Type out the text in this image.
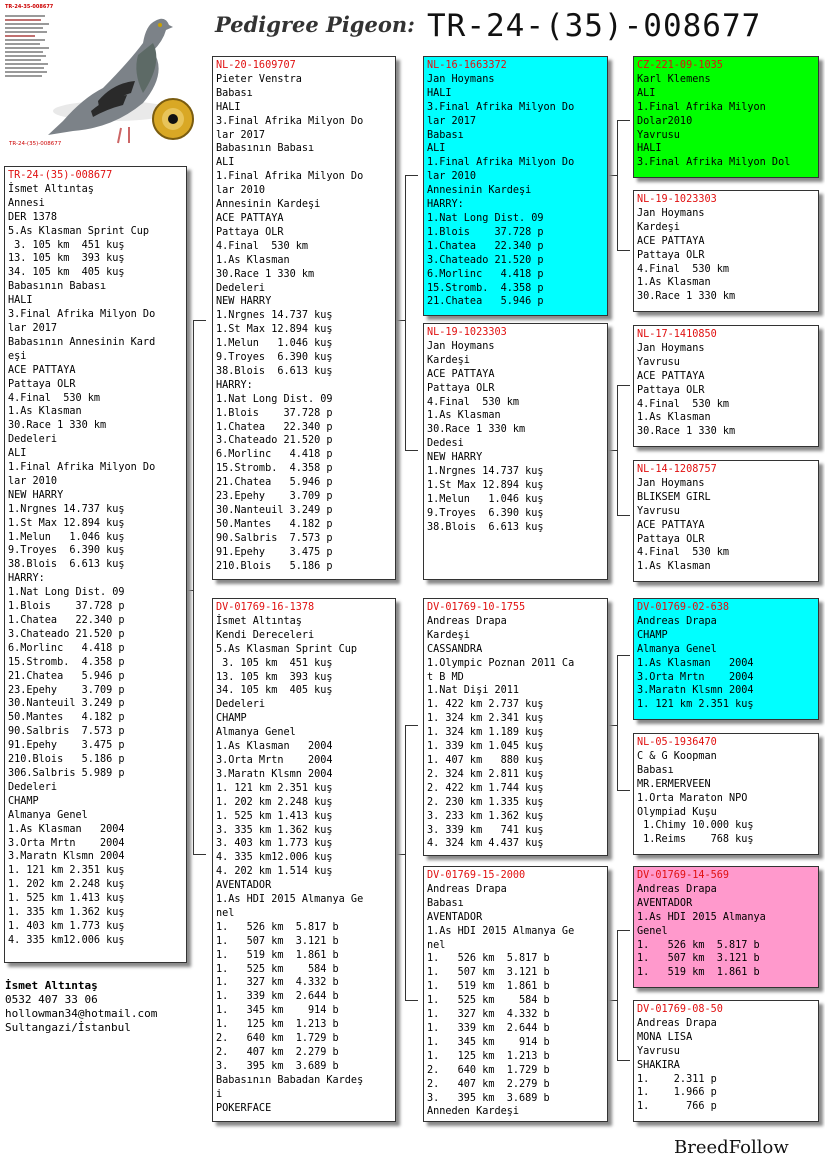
TR-24-35-008677
TR-24-(35)-008677
Pedigree Pigeon: TR-24-(35)-008677
TR-24-(35)-008677
İsmet Altıntaş
Annesi
DER 1378
5.As Klasman Sprint Cup
3. 105 km  451 kuş
13. 105 km  393 kuş
34. 105 km  405 kuş
Babasının Babası
HALI
3.Final Afrika Milyon Do
lar 2017
Babasının Annesinin Kard
eşi
ACE PATTAYA
Pattaya OLR
4.Final  530 km
1.As Klasman
30.Race 1 330 km
Dedeleri
ALI
1.Final Afrika Milyon Do
lar 2010
NEW HARRY
1.Nrgnes 14.737 kuş
1.St Max 12.894 kuş
1.Melun   1.046 kuş
9.Troyes  6.390 kuş
38.Blois  6.613 kuş
HARRY:
1.Nat Long Dist. 09
1.Blois    37.728 p
1.Chatea   22.340 p
3.Chateado 21.520 p
6.Morlinc   4.418 p
15.Stromb.  4.358 p
21.Chatea   5.946 p
23.Epehy    3.709 p
30.Nanteuil 3.249 p
50.Mantes   4.182 p
90.Salbris  7.573 p
91.Epehy    3.475 p
210.Blois   5.186 p
306.Salbris 5.989 p
Dedeleri
CHAMP
Almanya Genel
1.As Klasman   2004
3.Orta Mrtn    2004
3.Maratn Klsmn 2004
1. 121 km 2.351 kuş
1. 202 km 2.248 kuş
1. 525 km 1.413 kuş
1. 335 km 1.362 kuş
1. 403 km 1.773 kuş
4. 335 km12.006 kuş
NL-20-1609707
Pieter Venstra
Babası
HALI
3.Final Afrika Milyon Do
lar 2017
Babasının Babası
ALI
1.Final Afrika Milyon Do
lar 2010
Annesinin Kardeşi
ACE PATTAYA
Pattaya OLR
4.Final  530 km
1.As Klasman
30.Race 1 330 km
Dedeleri
NEW HARRY
1.Nrgnes 14.737 kuş
1.St Max 12.894 kuş
1.Melun   1.046 kuş
9.Troyes  6.390 kuş
38.Blois  6.613 kuş
HARRY:
1.Nat Long Dist. 09
1.Blois    37.728 p
1.Chatea   22.340 p
3.Chateado 21.520 p
6.Morlinc   4.418 p
15.Stromb.  4.358 p
21.Chatea   5.946 p
23.Epehy    3.709 p
30.Nanteuil 3.249 p
50.Mantes   4.182 p
90.Salbris  7.573 p
91.Epehy    3.475 p
210.Blois   5.186 p
DV-01769-16-1378
İsmet Altıntaş
Kendi Dereceleri
5.As Klasman Sprint Cup
3. 105 km  451 kuş
13. 105 km  393 kuş
34. 105 km  405 kuş
Dedeleri
CHAMP
Almanya Genel
1.As Klasman   2004
3.Orta Mrtn    2004
3.Maratn Klsmn 2004
1. 121 km 2.351 kuş
1. 202 km 2.248 kuş
1. 525 km 1.413 kuş
3. 335 km 1.362 kuş
3. 403 km 1.773 kuş
4. 335 km12.006 kuş
4. 202 km 1.514 kuş
AVENTADOR
1.As HDI 2015 Almanya Ge
nel
1.   526 km  5.817 b
1.   507 km  3.121 b
1.   519 km  1.861 b
1.   525 km    584 b
1.   327 km  4.332 b
1.   339 km  2.644 b
1.   345 km    914 b
1.   125 km  1.213 b
2.   640 km  1.729 b
2.   407 km  2.279 b
3.   395 km  3.689 b
Babasının Babadan Kardeş
i
POKERFACE
NL-16-1663372
Jan Hoymans
HALI
3.Final Afrika Milyon Do
lar 2017
Babası
ALI
1.Final Afrika Milyon Do
lar 2010
Annesinin Kardeşi
HARRY:
1.Nat Long Dist. 09
1.Blois    37.728 p
1.Chatea   22.340 p
3.Chateado 21.520 p
6.Morlinc   4.418 p
15.Stromb.  4.358 p
21.Chatea   5.946 p
NL-19-1023303
Jan Hoymans
Kardeşi
ACE PATTAYA
Pattaya OLR
4.Final  530 km
1.As Klasman
30.Race 1 330 km
Dedesi
NEW HARRY
1.Nrgnes 14.737 kuş
1.St Max 12.894 kuş
1.Melun   1.046 kuş
9.Troyes  6.390 kuş
38.Blois  6.613 kuş
DV-01769-10-1755
Andreas Drapa
Kardeşi
CASSANDRA
1.Olympic Poznan 2011 Ca
t B MD
1.Nat Dişi 2011
1. 422 km 2.737 kuş
1. 324 km 2.341 kuş
1. 324 km 1.189 kuş
1. 339 km 1.045 kuş
1. 407 km   880 kuş
2. 324 km 2.811 kuş
2. 422 km 1.744 kuş
2. 230 km 1.335 kuş
3. 233 km 1.362 kuş
3. 339 km   741 kuş
4. 324 km 4.437 kuş
DV-01769-15-2000
Andreas Drapa
Babası
AVENTADOR
1.As HDI 2015 Almanya Ge
nel
1.   526 km  5.817 b
1.   507 km  3.121 b
1.   519 km  1.861 b
1.   525 km    584 b
1.   327 km  4.332 b
1.   339 km  2.644 b
1.   345 km    914 b
1.   125 km  1.213 b
2.   640 km  1.729 b
2.   407 km  2.279 b
3.   395 km  3.689 b
Anneden Kardeşi
CZ-221-09-1035
Karl Klemens
ALI
1.Final Afrika Milyon
Dolar2010
Yavrusu
HALI
3.Final Afrika Milyon Dol
NL-19-1023303
Jan Hoymans
Kardeşi
ACE PATTAYA
Pattaya OLR
4.Final  530 km
1.As Klasman
30.Race 1 330 km
NL-17-1410850
Jan Hoymans
Yavrusu
ACE PATTAYA
Pattaya OLR
4.Final  530 km
1.As Klasman
30.Race 1 330 km
NL-14-1208757
Jan Hoymans
BLIKSEM GIRL
Yavrusu
ACE PATTAYA
Pattaya OLR
4.Final  530 km
1.As Klasman
DV-01769-02-638
Andreas Drapa
CHAMP
Almanya Genel
1.As Klasman   2004
3.Orta Mrtn    2004
3.Maratn Klsmn 2004
1. 121 km 2.351 kuş
NL-05-1936470
C & G Koopman
Babası
MR.ERMERVEEN
1.Orta Maraton NPO
Olympiad Kuşu
1.Chimy 10.000 kuş
1.Reims    768 kuş
DV-01769-14-569
Andreas Drapa
AVENTADOR
1.As HDI 2015 Almanya
Genel
1.   526 km  5.817 b
1.   507 km  3.121 b
1.   519 km  1.861 b
DV-01769-08-50
Andreas Drapa
MONA LISA
Yavrusu
SHAKIRA
1.    2.311 p
1.    1.966 p
1.      766 p
İsmet Altıntaş
0532 407 33 06
hollowman34@hotmail.com
Sultangazi/İstanbul
BreedFollow
